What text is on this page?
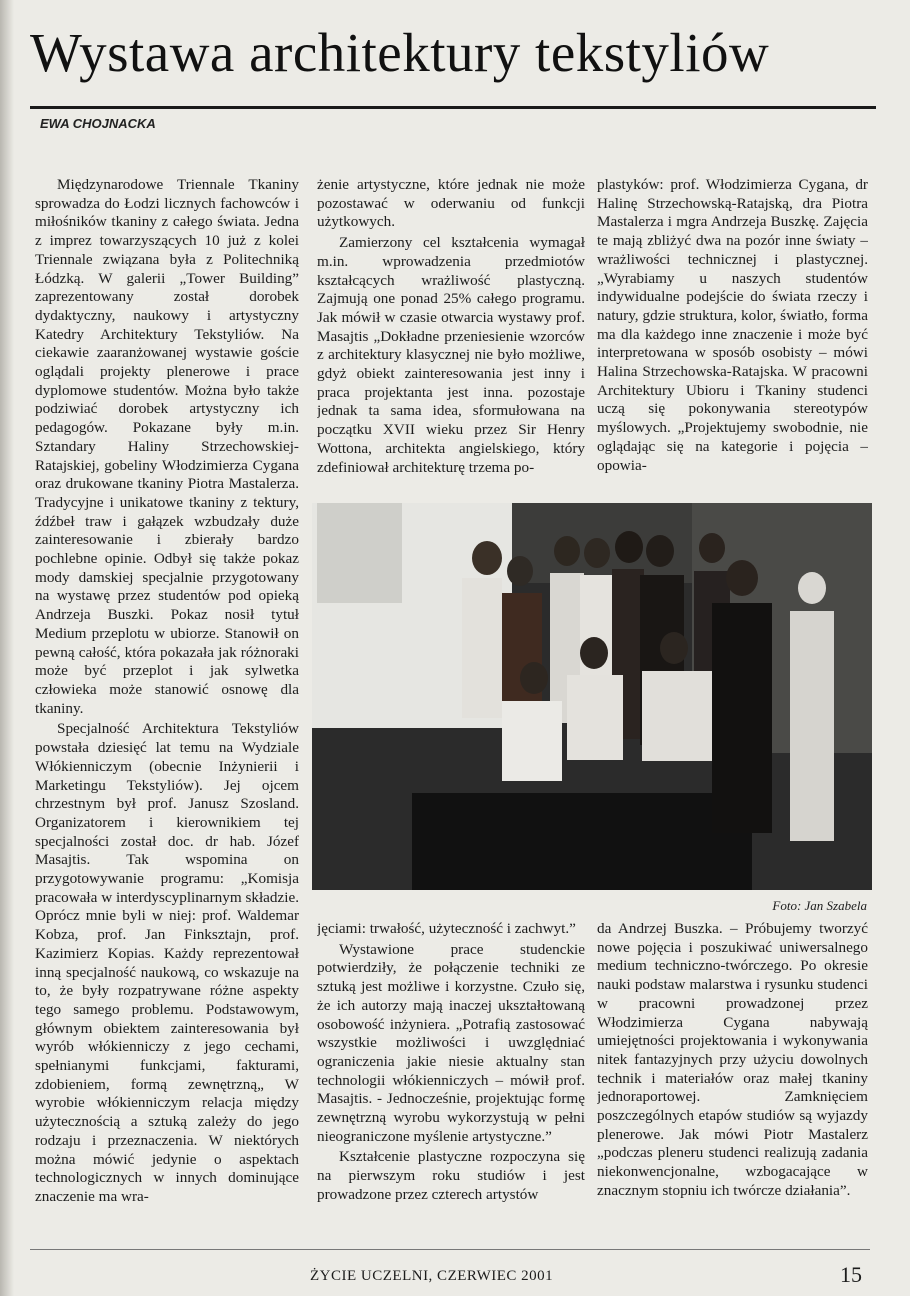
Wystawa architektury tekstyliów
EWA CHOJNACKA

Międzynarodowe Triennale Tkaniny sprowadza do Łodzi licznych fachowców i miłośników tkaniny z całego świata. Jedna z imprez towarzyszących 10 już z kolei Triennale związana była z Politechniką Łódzką. W galerii „Tower Building” zaprezentowany został dorobek dydaktyczny, naukowy i artystyczny Katedry Architektury Tekstyliów. Na ciekawie zaaranżowanej wystawie goście oglądali projekty plenerowe i prace dyplomowe studentów. Można było także podziwiać dorobek artystyczny ich pedagogów. Pokazane były m.in. Sztandary Haliny Strzechowskiej-Ratajskiej, gobeliny Włodzimierza Cygana oraz drukowane tkaniny Piotra Mastalerza. Tradycyjne i unikatowe tkaniny z tektury, źdźbeł traw i gałązek wzbudzały duże zainteresowanie i zbierały bardzo pochlebne opinie. Odbył się także pokaz mody damskiej specjalnie przygotowany na wystawę przez studentów pod opieką Andrzeja Buszki. Pokaz nosił tytuł Medium przeplotu w ubiorze. Stanowił on pewną całość, która pokazała jak różnoraki może być przeplot i jak sylwetka człowieka może stanowić osnowę dla tkaniny.

Specjalność Architektura Tekstyliów powstała dziesięć lat temu na Wydziale Włókienniczym (obecnie Inżynierii i Marketingu Tekstyliów). Jej ojcem chrzestnym był prof. Janusz Szosland. Organizatorem i kierownikiem tej specjalności został doc. dr hab. Józef Masajtis. Tak wspomina on przygotowywanie programu: „Komisja pracowała w interdyscyplinarnym składzie. Oprócz mnie byli w niej: prof. Waldemar Kobza, prof. Jan Finksztajn, prof. Kazimierz Kopias. Każdy reprezentował inną specjalność naukową, co wskazuje na to, że były rozpatrywane różne aspekty tego samego problemu. Podstawowym, głównym obiektem zainteresowania był wyrób włókienniczy z jego cechami, spełnianymi funkcjami, fakturami, zdobieniem, formą zewnętrzną„ W wyrobie włókienniczym relacja między użytecznością a sztuką zależy do jego rodzaju i przeznaczenia. W niektórych można mówić jedynie o aspektach technologicznych w innych dominujące znaczenie ma wra-

żenie artystyczne, które jednak nie może pozostawać w oderwaniu od funkcji użytkowych.

Zamierzony cel kształcenia wymagał m.in. wprowadzenia przedmiotów kształcących wrażliwość plastyczną. Zajmują one ponad 25% całego programu. Jak mówił w czasie otwarcia wystawy prof. Masajtis „Dokładne przeniesienie wzorców z architektury klasycznej nie było możliwe, gdyż obiekt zainteresowania jest inny i praca projektanta jest inna. pozostaje jednak ta sama idea, sformułowana na początku XVII wieku przez Sir Henry Wottona, architekta angielskiego, który zdefiniował architekturę trzema po-

plastyków: prof. Włodzimierza Cygana, dr Halinę Strzechowską-Ratajską, dra Piotra Mastalerza i mgra Andrzeja Buszkę. Zajęcia te mają zbliżyć dwa na pozór inne światy – wrażliwości technicznej i plastycznej. „Wyrabiamy u naszych studentów indywidualne podejście do świata rzeczy i natury, gdzie struktura, kolor, światło, forma ma dla każdego inne znaczenie i może być interpretowana w sposób osobisty – mówi Halina Strzechowska-Ratajska. W pracowni Architektury Ubioru i Tkaniny studenci uczą się pokonywania stereotypów myślowych. „Projektujemy swobodnie, nie oglądając się na kategorie i pojęcia – opowia-

Foto: Jan Szabela

jęciami: trwałość, użyteczność i zachwyt.”

Wystawione prace studenckie potwierdziły, że połączenie techniki ze sztuką jest możliwe i korzystne. Czuło się, że ich autorzy mają inaczej ukształtowaną osobowość inżyniera. „Potrafią zastosować wszystkie możliwości i uwzględniać ograniczenia jakie niesie aktualny stan technologii włókienniczych – mówił prof. Masajtis. - Jednocześnie, projektując formę zewnętrzną wyrobu wykorzystują w pełni nieograniczone myślenie artystyczne.”

Kształcenie plastyczne rozpoczyna się na pierwszym roku studiów i jest prowadzone przez czterech artystów

da Andrzej Buszka. – Próbujemy tworzyć nowe pojęcia i poszukiwać uniwersalnego medium techniczno-twórczego. Po okresie nauki podstaw malarstwa i rysunku studenci w pracowni prowadzonej przez Włodzimierza Cygana nabywają umiejętności projektowania i wykonywania nitek fantazyjnych przy użyciu dowolnych technik i materiałów oraz małej tkaniny jednoraportowej. Zamknięciem poszczególnych etapów studiów są wyjazdy plenerowe. Jak mówi Piotr Mastalerz „podczas pleneru studenci realizują zadania niekonwencjonalne, wzbogacające w znacznym stopniu ich twórcze działania”.

ŻYCIE UCZELNI, CZERWIEC 2001	15
